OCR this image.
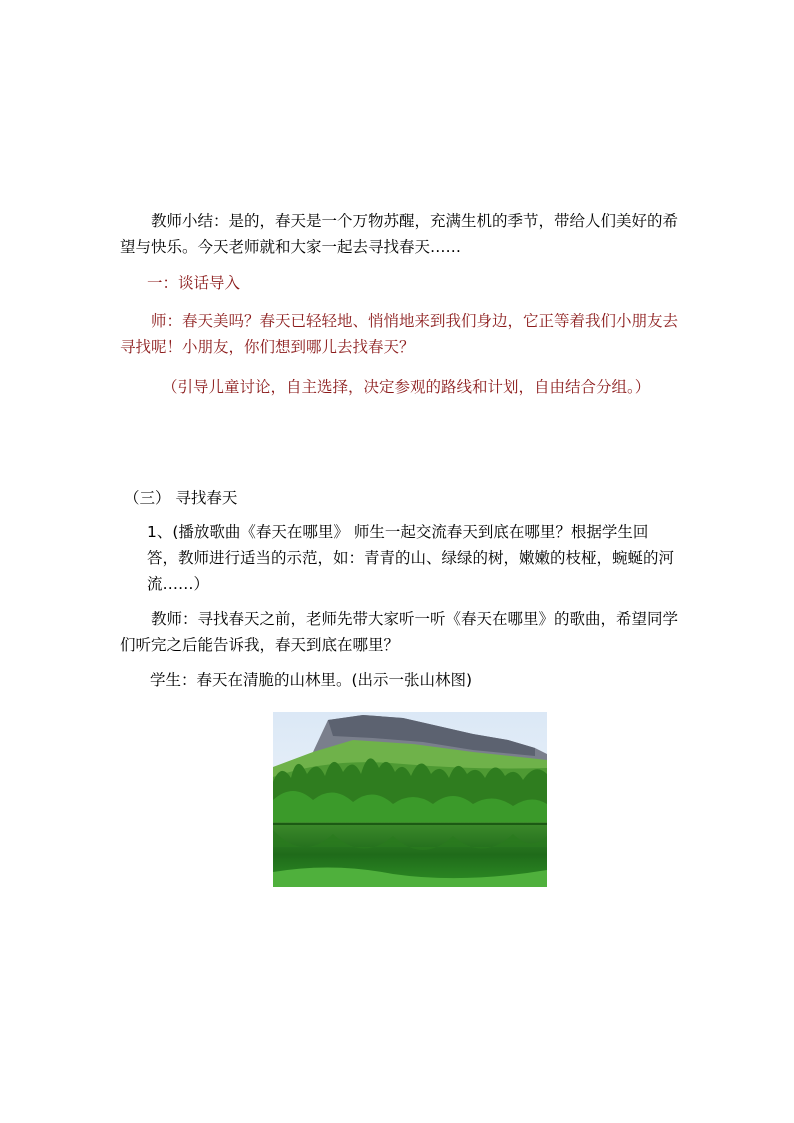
　　教师小结：是的，春天是一个万物苏醒，充满生机的季节，带给人们美好的希望与快乐。今天老师就和大家一起去寻找春天……

一：谈话导入

　　师：春天美吗？春天已轻轻地、悄悄地来到我们身边，它正等着我们小朋友去寻找呢！小朋友，你们想到哪儿去找春天？

（引导儿童讨论，自主选择，决定参观的路线和计划，自由结合分组。）

（三） 寻找春天

1、(播放歌曲《春天在哪里》 师生一起交流春天到底在哪里？根据学生回答，教师进行适当的示范，如：青青的山、绿绿的树，嫩嫩的枝桠，蜿蜒的河流……）

　　教师：寻找春天之前，老师先带大家听一听《春天在哪里》的歌曲，希望同学们听完之后能告诉我，春天到底在哪里？

学生：春天在清脆的山林里。(出示一张山林图)
